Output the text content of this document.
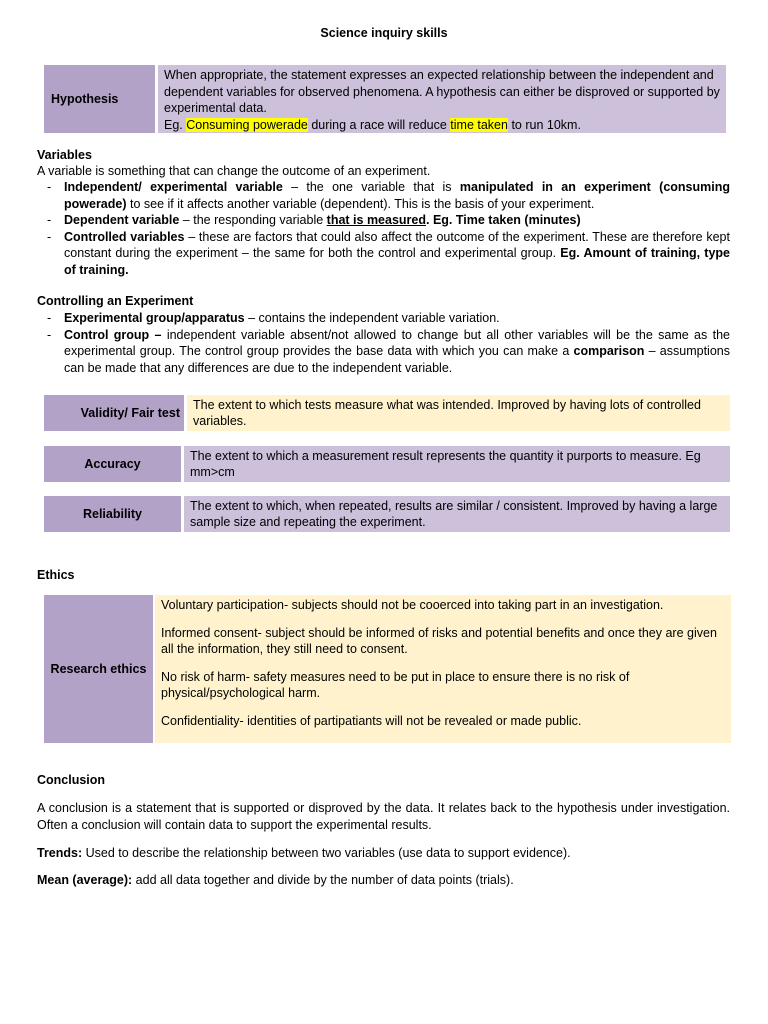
Science inquiry skills
Hypothesis	When appropriate, the statement expresses an expected relationship between the independent and dependent variables for observed phenomena. A hypothesis can either be disproved or supported by experimental data.
Eg. Consuming powerade during a race will reduce time taken to run 10km.
Variables
A variable is something that can change the outcome of an experiment.
- Independent/ experimental variable – the one variable that is manipulated in an experiment (consuming powerade) to see if it affects another variable (dependent). This is the basis of your experiment.
- Dependent variable – the responding variable that is measured. Eg. Time taken (minutes)
- Controlled variables – these are factors that could also affect the outcome of the experiment. These are therefore kept constant during the experiment – the same for both the control and experimental group. Eg. Amount of training, type of training.
Controlling an Experiment
- Experimental group/apparatus – contains the independent variable variation.
- Control group – independent variable absent/not allowed to change but all other variables will be the same as the experimental group. The control group provides the base data with which you can make a comparison – assumptions can be made that any differences are due to the independent variable.
Validity/ Fair test	The extent to which tests measure what was intended. Improved by having lots of controlled variables.
Accuracy	The extent to which a measurement result represents the quantity it purports to measure. Eg mm>cm
Reliability	The extent to which, when repeated, results are similar / consistent. Improved by having a large sample size and repeating the experiment.
Ethics
Research ethics	

Voluntary participation- subjects should not be cooerced into taking part in an investigation.

Informed consent- subject should be informed of risks and potential benefits and once they are given all the information, they still need to consent.

No risk of harm- safety measures need to be put in place to ensure there is no risk of physical/psychological harm.

Confidentiality- identities of partipatiants will not be revealed or made public.

Conclusion
A conclusion is a statement that is supported or disproved by the data. It relates back to the hypothesis under investigation. Often a conclusion will contain data to support the experimental results.
Trends: Used to describe the relationship between two variables (use data to support evidence).
Mean (average): add all data together and divide by the number of data points (trials).
